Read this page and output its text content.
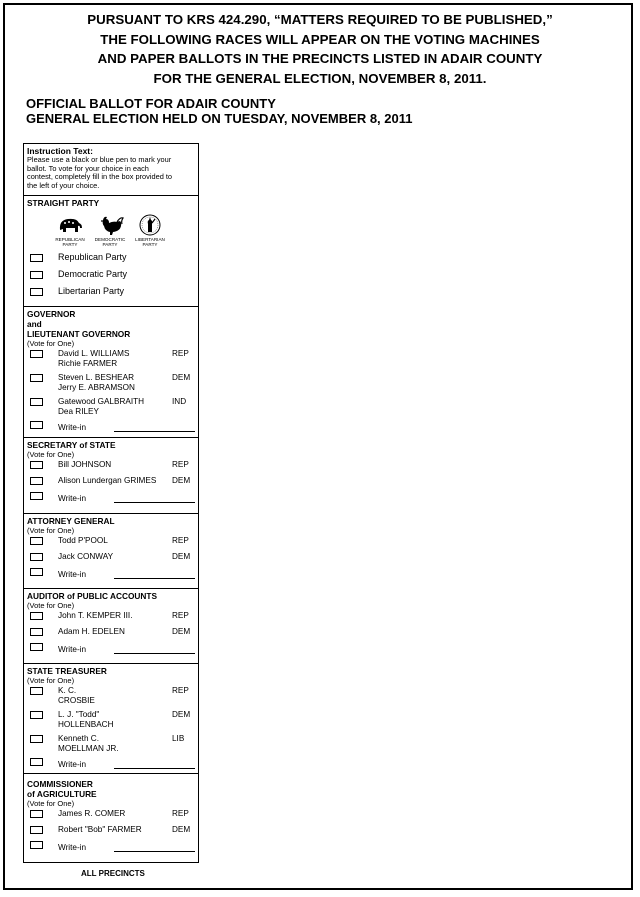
PURSUANT TO KRS 424.290, “MATTERS REQUIRED TO BE PUBLISHED,”
THE FOLLOWING RACES WILL APPEAR ON THE VOTING MACHINES
AND PAPER BALLOTS IN THE PRECINCTS LISTED IN ADAIR COUNTY
FOR THE GENERAL ELECTION, NOVEMBER 8, 2011.
OFFICIAL BALLOT FOR ADAIR COUNTY
GENERAL ELECTION HELD ON TUESDAY, NOVEMBER 8, 2011
Instruction Text:
Please use a black or blue pen to mark your
ballot. To vote for your choice in each
contest, completely fill in the box provided to
the left of your choice.
STRAIGHT PARTY
REPUBLICAN
PARTY
DEMOCRATIC
PARTY
LIBERTARIAN
PARTY
Republican Party
Democratic Party
Libertarian Party
GOVERNOR
and
LIEUTENANT GOVERNOR
(Vote for One)
David L. WILLIAMS
Richie FARMER
REP
Steven L. BESHEAR
Jerry E. ABRAMSON
DEM
Gatewood GALBRAITH
Dea RILEY
IND
Write-in
SECRETARY of STATE
(Vote for One)
Bill JOHNSON	REP
Alison Lundergan GRIMES DEM
Write-in
ATTORNEY GENERAL
(Vote for One)
Todd P'POOL	REP
Jack CONWAY	DEM
Write-in
AUDITOR of PUBLIC ACCOUNTS
(Vote for One)
John T. KEMPER III.	REP
Adam H. EDELEN	DEM
Write-in
STATE TREASURER
(Vote for One)
K. C.
CROSBIE
REP
L. J. "Todd"
HOLLENBACH
DEM
Kenneth C.
MOELLMAN JR.
LIB
Write-in
COMMISSIONER
of AGRICULTURE
(Vote for One)
James R. COMER	REP
Robert "Bob" FARMER	DEM
Write-in
ALL PRECINCTS
